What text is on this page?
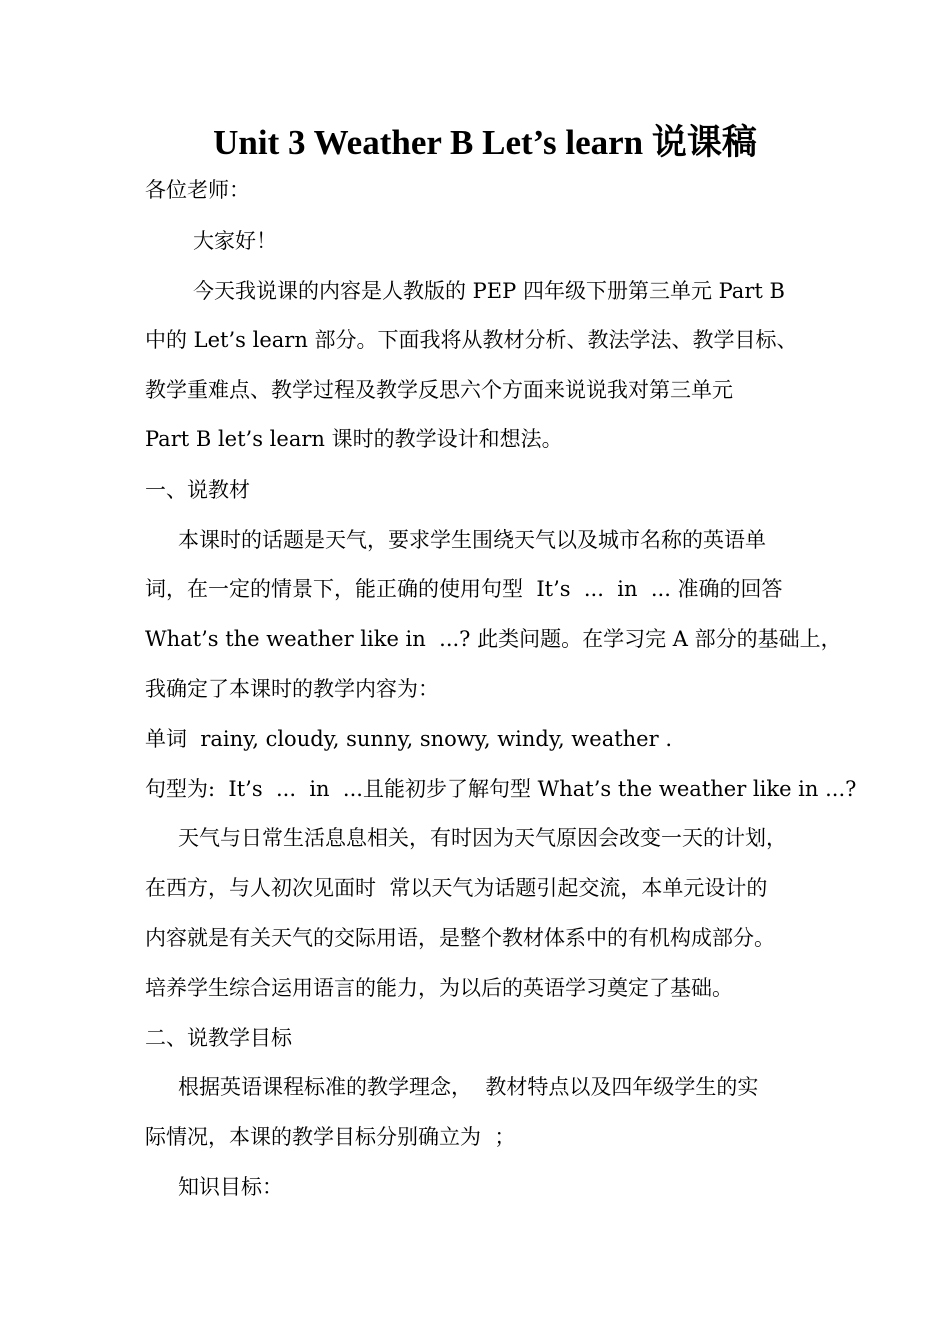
Unit 3 Weather B Let’s learn 说课稿
各位老师：
大家好！
今天我说课的内容是人教版的 PEP 四年级下册第三单元 Part B
中的 Let’s learn 部分。下面我将从教材分析、教法学法、教学目标、
教学重难点、教学过程及教学反思六个方面来说说我对第三单元
Part B let’s learn 课时的教学设计和想法。
一、说教材
本课时的话题是天气，要求学生围绕天气以及城市名称的英语单
词，在一定的情景下，能正确的使用句型  It’s  ...  in  ... 准确的回答
What’s the weather like in  ...? 此类问题。在学习完 A 部分的基础上，
我确定了本课时的教学内容为：
单词  rainy, cloudy, sunny, snowy, windy, weather .
句型为:  It’s  ...  in  ...且能初步了解句型 What’s the weather like in ...?
天气与日常生活息息相关，有时因为天气原因会改变一天的计划，
在西方，与人初次见面时  常以天气为话题引起交流，本单元设计的
内容就是有关天气的交际用语，是整个教材体系中的有机构成部分。
培养学生综合运用语言的能力，为以后的英语学习奠定了基础。
二、说教学目标
根据英语课程标准的教学理念，  教材特点以及四年级学生的实
际情况，本课的教学目标分别确立为  ；
知识目标：
